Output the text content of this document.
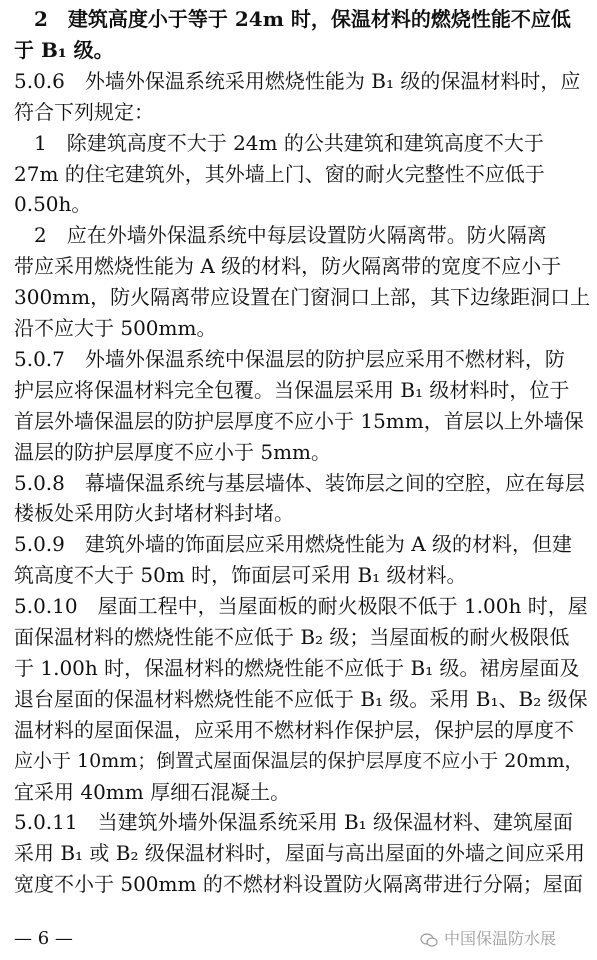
　2　建筑高度小于等于 24m 时，保温材料的燃烧性能不应低
于 B₁ 级。
5.0.6　外墙外保温系统采用燃烧性能为 B₁ 级的保温材料时，应
符合下列规定：
　1　除建筑高度不大于 24m 的公共建筑和建筑高度不大于
27m 的住宅建筑外，其外墙上门、窗的耐火完整性不应低于
0.50h。
　2　应在外墙外保温系统中每层设置防火隔离带。防火隔离
带应采用燃烧性能为 A 级的材料，防火隔离带的宽度不应小于
300mm，防火隔离带应设置在门窗洞口上部，其下边缘距洞口上
沿不应大于 500mm。
5.0.7　外墙外保温系统中保温层的防护层应采用不燃材料，防
护层应将保温材料完全包覆。当保温层采用 B₁ 级材料时，位于
首层外墙保温层的防护层厚度不应小于 15mm，首层以上外墙保
温层的防护层厚度不应小于 5mm。
5.0.8　幕墙保温系统与基层墙体、装饰层之间的空腔，应在每层
楼板处采用防火封堵材料封堵。
5.0.9　建筑外墙的饰面层应采用燃烧性能为 A 级的材料，但建
筑高度不大于 50m 时，饰面层可采用 B₁ 级材料。
5.0.10　屋面工程中，当屋面板的耐火极限不低于 1.00h 时，屋
面保温材料的燃烧性能不应低于 B₂ 级；当屋面板的耐火极限低
于 1.00h 时，保温材料的燃烧性能不应低于 B₁ 级。裙房屋面及
退台屋面的保温材料燃烧性能不应低于 B₁ 级。采用 B₁、B₂ 级保
温材料的屋面保温，应采用不燃材料作保护层，保护层的厚度不
应小于 10mm；倒置式屋面保温层的保护层厚度不应小于 20mm，
宜采用 40mm 厚细石混凝土。
5.0.11　当建筑外墙外保温系统采用 B₁ 级保温材料、建筑屋面
采用 B₁ 或 B₂ 级保温材料时，屋面与高出屋面的外墙之间应采用
宽度不小于 500mm 的不燃材料设置防火隔离带进行分隔；屋面
— 6 —	中国保温防水展
